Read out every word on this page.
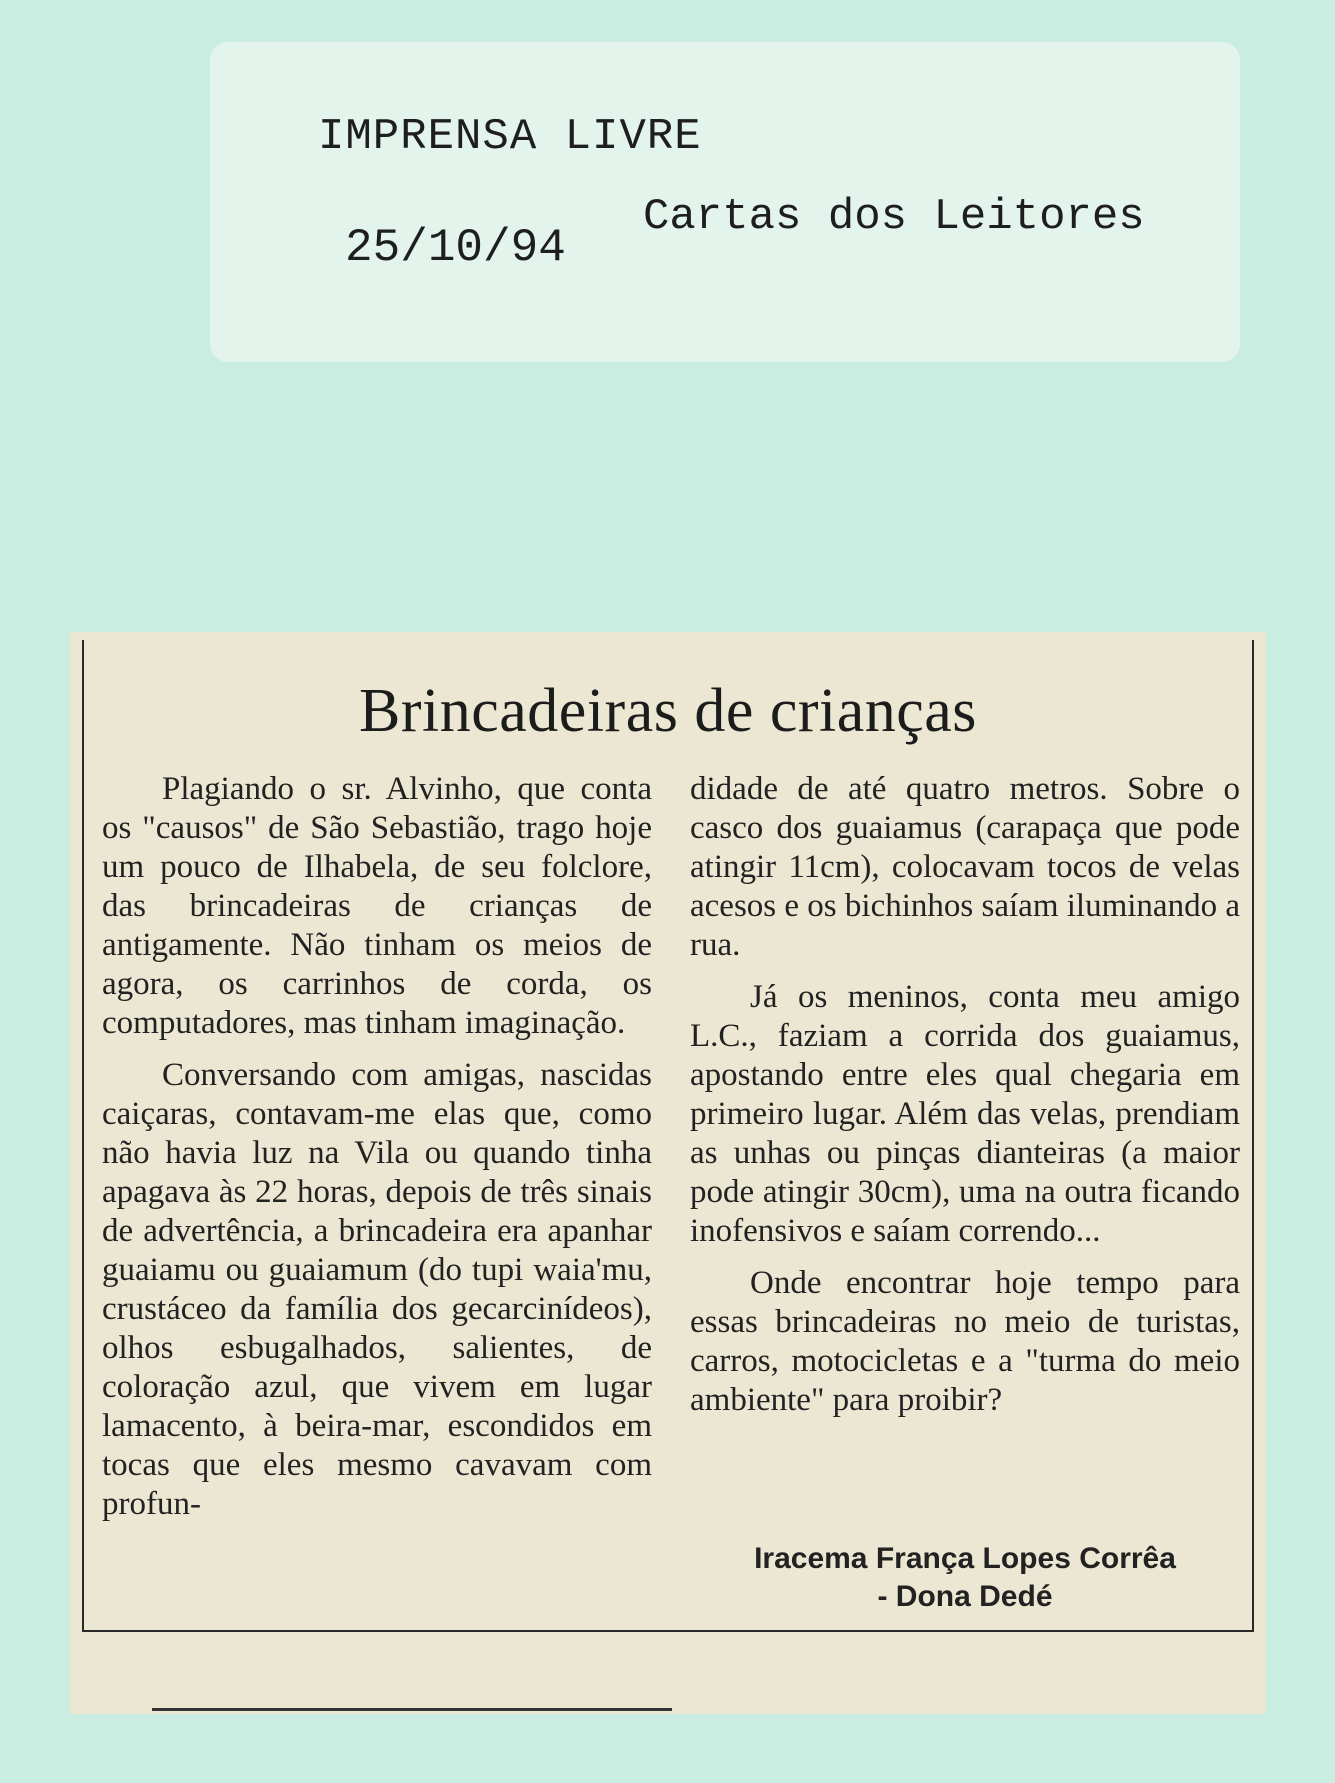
IMPRENSA LIVRE

25/10/94

Cartas dos Leitores

Brincadeiras de crianças

Plagiando o sr. Alvinho, que conta os "causos" de São Sebastião, trago hoje um pouco de Ilhabela, de seu folclore, das brincadeiras de crianças de antigamente. Não tinham os meios de agora, os carrinhos de corda, os computadores, mas tinham imaginação.

Conversando com amigas, nascidas caiçaras, contavam-me elas que, como não havia luz na Vila ou quando tinha apagava às 22 horas, depois de três sinais de advertência, a brincadeira era apanhar guaiamu ou guaiamum (do tupi waia'mu, crustáceo da família dos gecarcinídeos), olhos esbugalhados, salientes, de coloração azul, que vivem em lugar lamacento, à beira-mar, escondidos em tocas que eles mesmo cavavam com profun-

didade de até quatro metros. Sobre o casco dos guaiamus (carapaça que pode atingir 11cm), colocavam tocos de velas acesos e os bichinhos saíam iluminando a rua.

Já os meninos, conta meu amigo L.C., faziam a corrida dos guaiamus, apostando entre eles qual chegaria em primeiro lugar. Além das velas, prendiam as unhas ou pinças dianteiras (a maior pode atingir 30cm), uma na outra ficando inofensivos e saíam correndo...

Onde encontrar hoje tempo para essas brincadeiras no meio de turistas, carros, motocicletas e a "turma do meio ambiente" para proibir?

Iracema França Lopes Corrêa
- Dona Dedé
